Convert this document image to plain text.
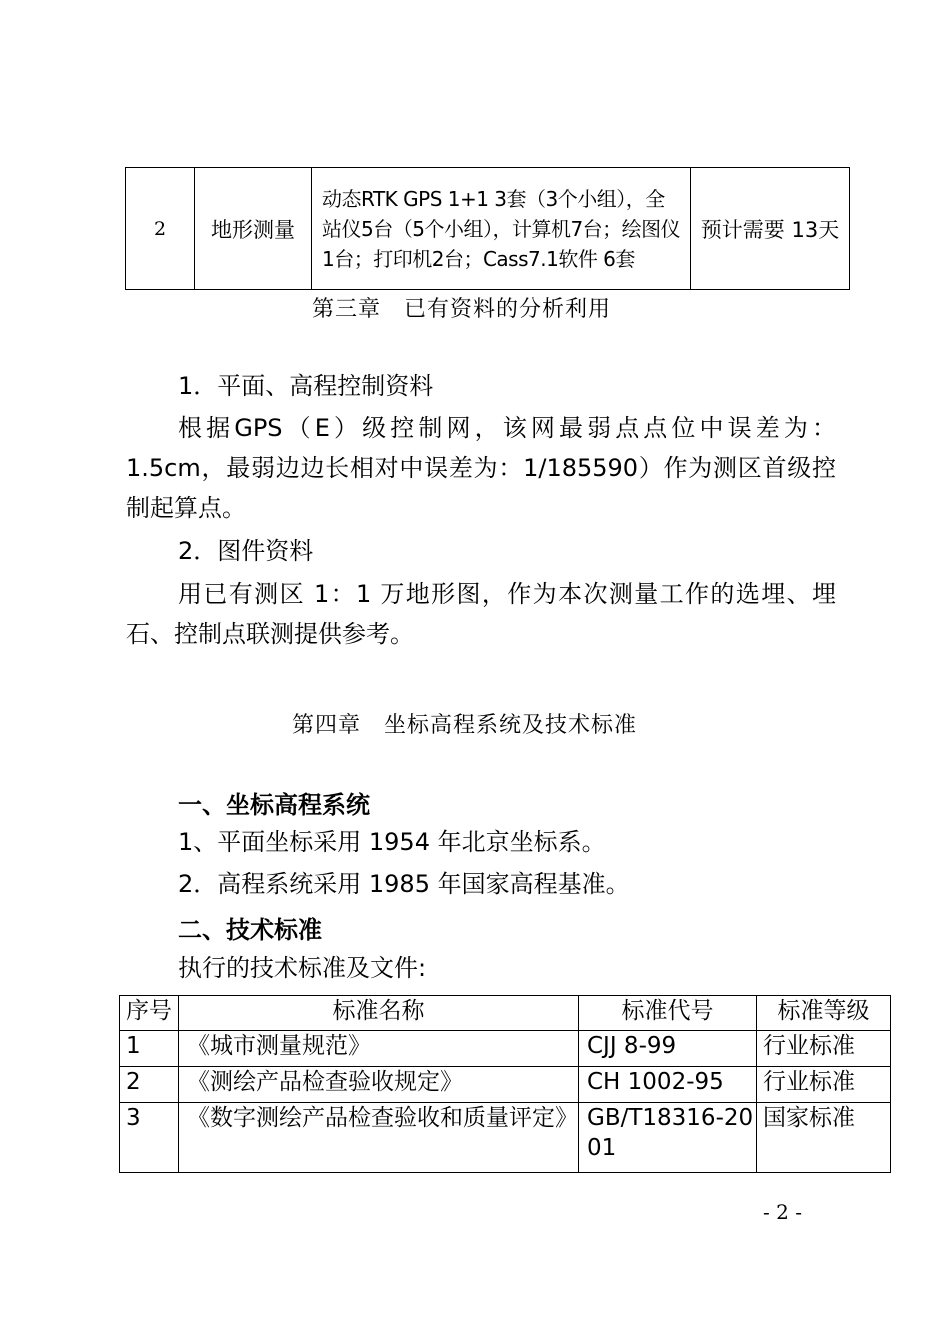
2	地形测量	动态RTK GPS 1+1 3套（3个小组），全站仪5台（5个小组），计算机7台；绘图仪1台；打印机2台；Cass7.1软件 6套	预计需要 13天
第三章　已有资料的分析利用
1．平面、高程控制资料
根据GPS（E）级控制网，该网最弱点点位中误差为：1.5cm，最弱边边长相对中误差为：1/185590）作为测区首级控制起算点。
2．图件资料
用已有测区 1：1 万地形图，作为本次测量工作的选埋、埋石、控制点联测提供参考。
第四章　坐标高程系统及技术标准
一、坐标高程系统
1、平面坐标采用 1954 年北京坐标系。
2．高程系统采用 1985 年国家高程基准。
二、技术标准
执行的技术标准及文件:
序号	标准名称	标准代号	标准等级
1	《城市测量规范》	CJJ 8-99	行业标准
2	《测绘产品检查验收规定》	CH 1002-95	行业标准
3	《数字测绘产品检查验收和质量评定》	GB/T18316-2001	国家标准
- 2 -
